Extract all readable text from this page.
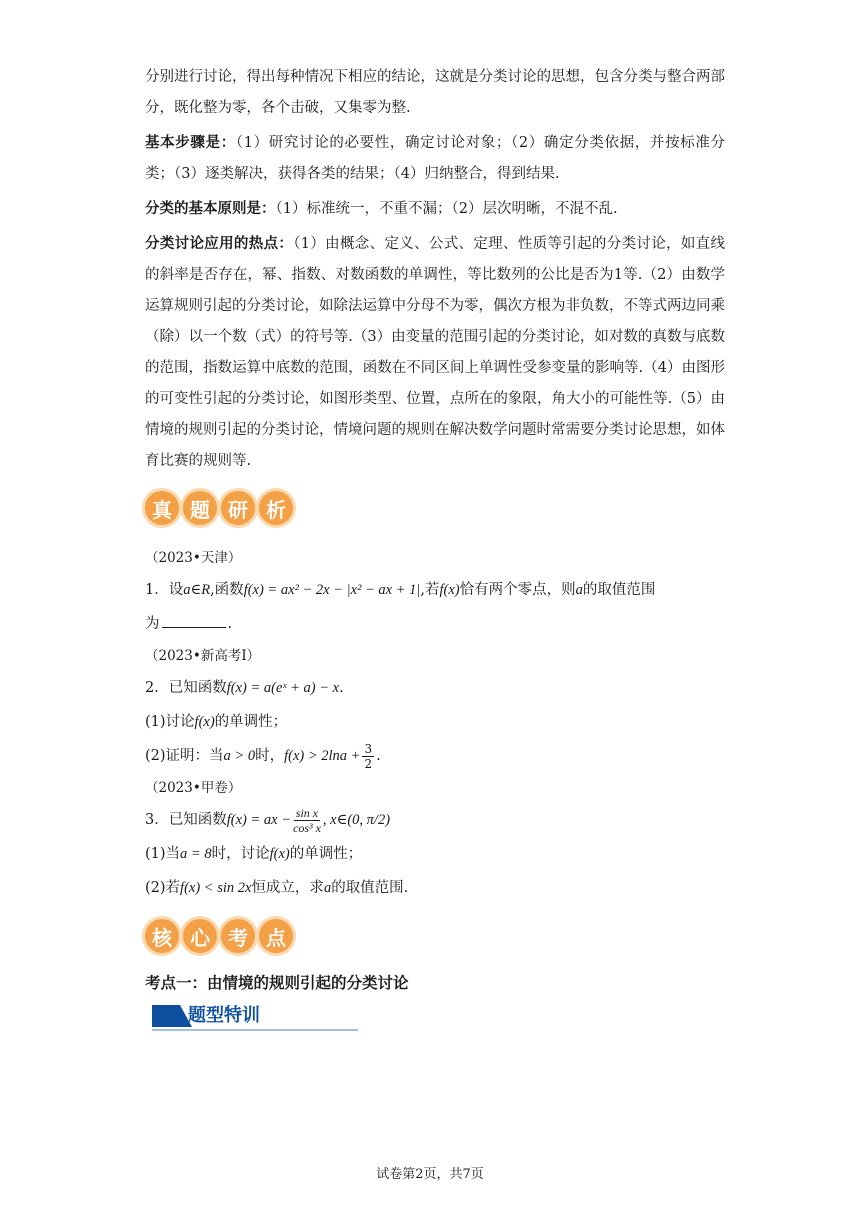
分别进行讨论，得出每种情况下相应的结论，这就是分类讨论的思想，包含分类与整合两部分，既化整为零，各个击破，又集零为整.

基本步骤是：（1）研究讨论的必要性，确定讨论对象；（2）确定分类依据，并按标准分类；（3）逐类解决，获得各类的结果；（4）归纳整合，得到结果.

分类的基本原则是：（1）标准统一，不重不漏；（2）层次明晰，不混不乱.

分类讨论应用的热点：（1）由概念、定义、公式、定理、性质等引起的分类讨论，如直线的斜率是否存在，幂、指数、对数函数的单调性，等比数列的公比是否为1等.（2）由数学运算规则引起的分类讨论，如除法运算中分母不为零，偶次方根为非负数，不等式两边同乘（除）以一个数（式）的符号等.（3）由变量的范围引起的分类讨论，如对数的真数与底数的范围，指数运算中底数的范围，函数在不同区间上单调性受参变量的影响等.（4）由图形的可变性引起的分类讨论，如图形类型、位置，点所在的象限，角大小的可能性等.（5）由情境的规则引起的分类讨论，情境问题的规则在解决数学问题时常需要分类讨论思想，如体育比赛的规则等.

真 题 研 析

（2023•天津）

1．设a∈R,函数f(x) = ax² − 2x − |x² − ax + 1|,若f(x)恰有两个零点，则a的取值范围

为	.

（2023•新高考Ⅰ）

2．已知函数f(x) = a(eˣ + a) − x.

(1)讨论f(x)的单调性；

(2)证明：当a > 0时，$f(x) > 2\ln a + \frac{3}{2}$ .

（2023•甲卷）

3．已知函数f(x) = ax − $\frac{\text{sin x}}{\text{cos³ x}}$ , x∈(0, π/2)

(1)当a = 8时，讨论f(x)的单调性；

(2)若f(x) < sin 2x恒成立，求a的取值范围.

核 心 考 点

考点一：由情境的规则引起的分类讨论

题型特训
试卷第2页，共7页
